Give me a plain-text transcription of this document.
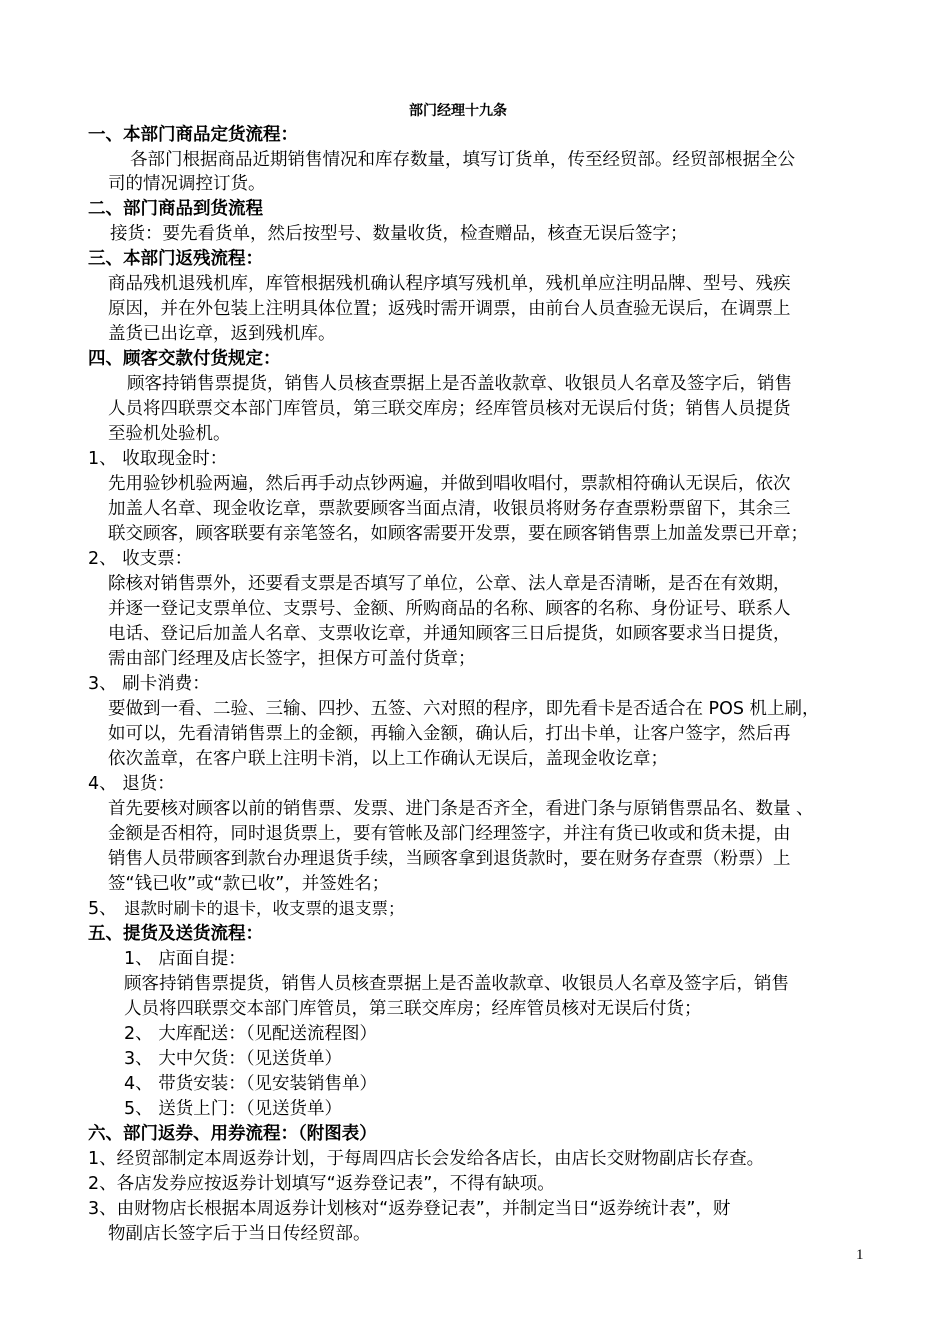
部门经理十九条
一、本部门商品定货流程：
各部门根据商品近期销售情况和库存数量，填写订货单，传至经贸部。经贸部根据全公
司的情况调控订货。
二、部门商品到货流程
接货：要先看货单，然后按型号、数量收货，检查赠品，核查无误后签字；
三、本部门返残流程：
商品残机退残机库，库管根据残机确认程序填写残机单，残机单应注明品牌、型号、残疾
原因，并在外包装上注明具体位置；返残时需开调票，由前台人员查验无误后，在调票上
盖货已出讫章，返到残机库。
四、顾客交款付货规定：
顾客持销售票提货，销售人员核查票据上是否盖收款章、收银员人名章及签字后，销售
人员将四联票交本部门库管员，第三联交库房；经库管员核对无误后付货；销售人员提货
至验机处验机。
1、 收取现金时：
先用验钞机验两遍，然后再手动点钞两遍，并做到唱收唱付，票款相符确认无误后，依次
加盖人名章、现金收讫章，票款要顾客当面点清，收银员将财务存查票粉票留下，其余三
联交顾客，顾客联要有亲笔签名，如顾客需要开发票，要在顾客销售票上加盖发票已开章；
2、 收支票：
除核对销售票外，还要看支票是否填写了单位，公章、法人章是否清晰，是否在有效期，
并逐一登记支票单位、支票号、金额、所购商品的名称、顾客的名称、身份证号、联系人
电话、登记后加盖人名章、支票收讫章，并通知顾客三日后提货，如顾客要求当日提货，
需由部门经理及店长签字，担保方可盖付货章；
3、 刷卡消费：
要做到一看、二验、三输、四抄、五签、六对照的程序，即先看卡是否适合在 POS 机上刷，
如可以，先看清销售票上的金额，再输入金额，确认后，打出卡单，让客户签字，然后再
依次盖章，在客户联上注明卡消，以上工作确认无误后，盖现金收讫章；
4、 退货：
首先要核对顾客以前的销售票、发票、进门条是否齐全，看进门条与原销售票品名、数量 、
金额是否相符，同时退货票上，要有管帐及部门经理签字，并注有货已收或和货未提，由
销售人员带顾客到款台办理退货手续，当顾客拿到退货款时，要在财务存查票（粉票）上
签“钱已收”或“款已收”，并签姓名；
5、 退款时刷卡的退卡，收支票的退支票；
五、提货及送货流程：
1、 店面自提：
顾客持销售票提货，销售人员核查票据上是否盖收款章、收银员人名章及签字后，销售
人员将四联票交本部门库管员，第三联交库房；经库管员核对无误后付货；
2、 大库配送：（见配送流程图）
3、 大中欠货：（见送货单）
4、 带货安装：（见安装销售单）
5、 送货上门：（见送货单）
六、部门返券、用券流程：（附图表）
1、经贸部制定本周返券计划，于每周四店长会发给各店长，由店长交财物副店长存查。
2、各店发券应按返券计划填写“返券登记表”，不得有缺项。
3、由财物店长根据本周返券计划核对“返券登记表”，并制定当日“返券统计表”，财
物副店长签字后于当日传经贸部。
1
